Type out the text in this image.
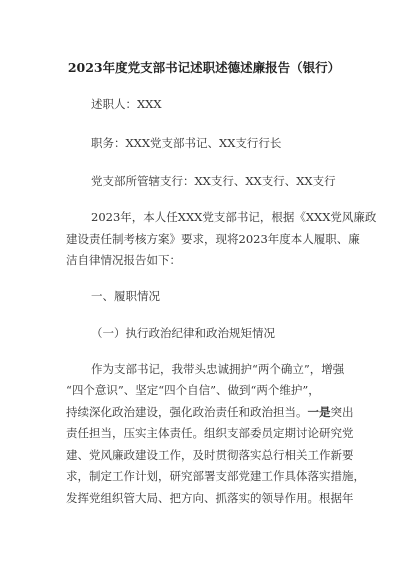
2023年度党支部书记述职述德述廉报告（银行）
述职人：XXX
职务：XXX党支部书记、XX支行行长
党支部所管辖支行：XX支行、XX支行、XX支行
2023年，本人任XXX党支部书记，根据《XXX党风廉政
建设责任制考核方案》要求，现将2023年度本人履职、廉
洁自律情况报告如下：
一、履职情况
（一）执行政治纪律和政治规矩情况
作为支部书记，我带头忠诚拥护“两个确立”，增强
“四个意识”、坚定“四个自信”、做到“两个维护”，
持续深化政治建设，强化政治责任和政治担当。一是突出
责任担当，压实主体责任。组织支部委员定期讨论研究党
建、党风廉政建设工作，及时贯彻落实总行相关工作新要
求，制定工作计划，研究部署支部党建工作具体落实措施，
发挥党组织管大局、把方向、抓落实的领导作用。根据年
